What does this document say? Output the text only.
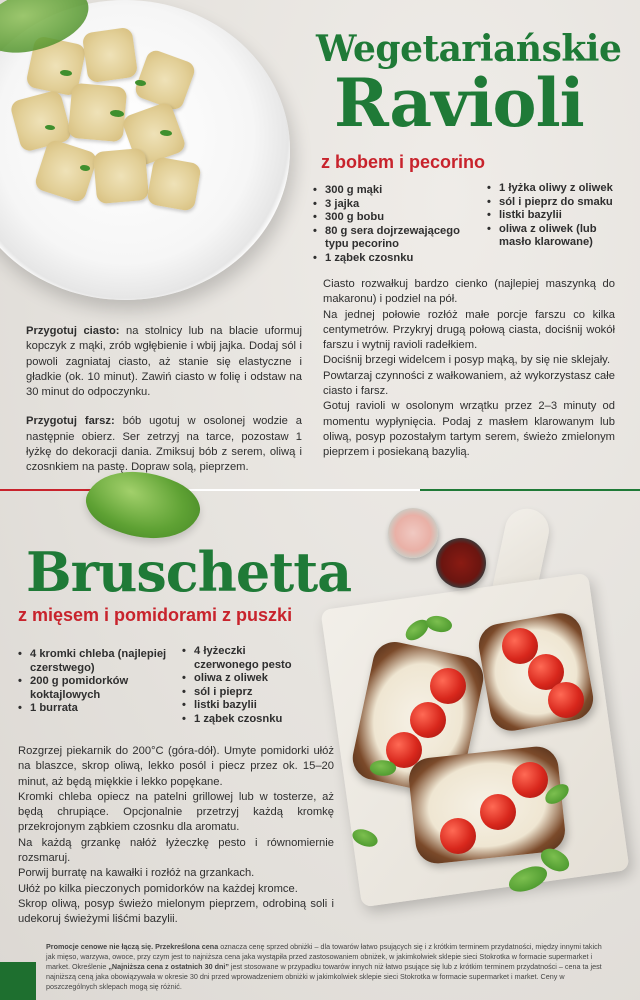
Wegetariańskie
Ravioli
z bobem i pecorino
• 300 g mąki
• 3 jajka
• 300 g bobu
• 80 g sera dojrzewającego typu pecorino
• 1 ząbek czosnku
• 1 łyżka oliwy z oliwek
• sól i pieprz do smaku
• listki bazylii
• oliwa z oliwek (lub masło klarowane)

Przygotuj ciasto: na stolnicy lub na blacie uformuj kopczyk z mąki, zrób wgłębienie i wbij jajka. Dodaj sól i powoli zagniataj ciasto, aż stanie się elastyczne i gładkie (ok. 10 minut). Zawiń ciasto w folię i odstaw na 30 minut do odpoczynku.

Przygotuj farsz: bób ugotuj w osolonej wodzie a następnie obierz. Ser zetrzyj na tarce, pozostaw 1 łyżkę do dekoracji dania. Zmiksuj bób z serem, oliwą i czosnkiem na pastę. Dopraw solą, pieprzem.

Ciasto rozwałkuj bardzo cienko (najlepiej maszynką do makaronu) i podziel na pół.

Na jednej połowie rozłóż małe porcje farszu co kilka centymetrów. Przykryj drugą połową ciasta, dociśnij wokół farszu i wytnij ravioli radełkiem.

Dociśnij brzegi widelcem i posyp mąką, by się nie sklejały.

Powtarzaj czynności z wałkowaniem, aż wykorzystasz całe ciasto i farsz.

Gotuj ravioli w osolonym wrzątku przez 2–3 minuty od momentu wypłynięcia. Podaj z masłem klarowanym lub oliwą, posyp pozostałym tartym serem, świeżo zmielonym pieprzem i posiekaną bazylią.

Bruschetta
z mięsem i pomidorami z puszki
• 4 kromki chleba (najlepiej czerstwego)
• 200 g pomidorków koktajlowych
• 1 burrata
• 4 łyżeczki czerwonego pesto
• oliwa z oliwek
• sól i pieprz
• listki bazylii
• 1 ząbek czosnku

Rozgrzej piekarnik do 200°C (góra-dół). Umyte pomidorki ułóż na blaszce, skrop oliwą, lekko posól i piecz przez ok. 15–20 minut, aż będą miękkie i lekko popękane.

Kromki chleba opiecz na patelni grillowej lub w tosterze, aż będą chrupiące. Opcjonalnie przetrzyj każdą kromkę przekrojonym ząbkiem czosnku dla aromatu.

Na każdą grzankę nałóż łyżeczkę pesto i równomiernie rozsmaruj.

Porwij burratę na kawałki i rozłóż na grzankach.

Ułóż po kilka pieczonych pomidorków na każdej kromce.

Skrop oliwą, posyp świeżo mielonym pieprzem, odrobiną soli i udekoruj świeżymi liśćmi bazylii.

Promocje cenowe nie łączą się. Przekreślona cena oznacza cenę sprzed obniżki – dla towarów łatwo psujących się i z krótkim terminem przydatności, między innymi takich jak mięso, warzywa, owoce, przy czym jest to najniższa cena jaka wystąpiła przed zastosowaniem obniżek, w jakimkolwiek sklepie sieci Stokrotka w formacie supermarket i market. Określenie „Najniższa cena z ostatnich 30 dni” jest stosowane w przypadku towarów innych niż łatwo psujące się lub z krótkim terminem przydatności – cena ta jest najniższą ceną jaka obowiązywała w okresie 30 dni przed wprowadzeniem obniżki w jakimkolwiek sklepie sieci Stokrotka w formacie supermarket i market. Ceny w poszczególnych sklepach mogą się różnić.
